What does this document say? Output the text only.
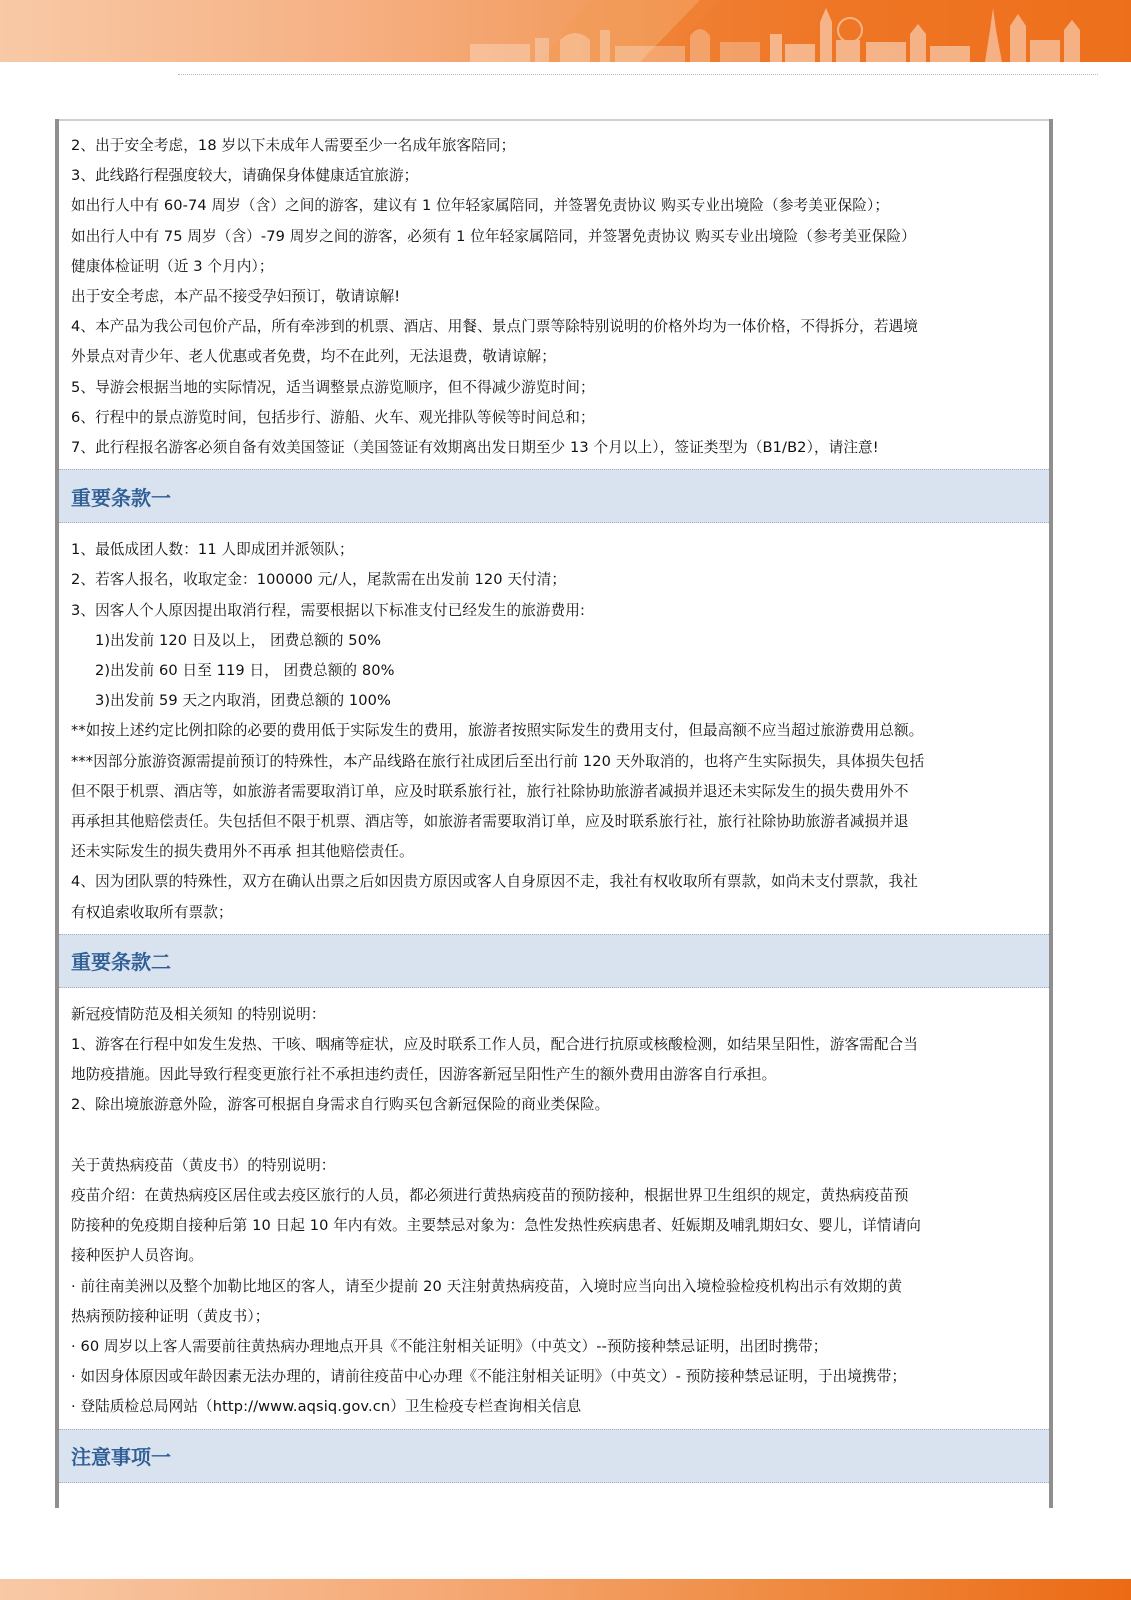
2、出于安全考虑，18 岁以下未成年人需要至少一名成年旅客陪同；
3、此线路行程强度较大，请确保身体健康适宜旅游；
如出行人中有 60-74 周岁（含）之间的游客，建议有 1 位年轻家属陪同，并签署免责协议 购买专业出境险（参考美亚保险）；
如出行人中有 75 周岁（含）-79 周岁之间的游客，必须有 1 位年轻家属陪同，并签署免责协议 购买专业出境险（参考美亚保险）
健康体检证明（近 3 个月内）；
出于安全考虑，本产品不接受孕妇预订，敬请谅解!
4、本产品为我公司包价产品，所有牵涉到的机票、酒店、用餐、景点门票等除特别说明的价格外均为一体价格，不得拆分，若遇境
外景点对青少年、老人优惠或者免费，均不在此列，无法退费，敬请谅解；
5、导游会根据当地的实际情况，适当调整景点游览顺序，但不得减少游览时间；
6、行程中的景点游览时间，包括步行、游船、火车、观光排队等候等时间总和；
7、此行程报名游客必须自备有效美国签证（美国签证有效期离出发日期至少 13 个月以上），签证类型为（B1/B2），请注意!
重要条款一
1、最低成团人数：11 人即成团并派领队；
2、若客人报名，收取定金：100000 元/人，尾款需在出发前 120 天付清；
3、因客人个人原因提出取消行程，需要根据以下标准支付已经发生的旅游费用:
1)出发前 120 日及以上， 团费总额的 50%
2)出发前 60 日至 119 日， 团费总额的 80%
3)出发前 59 天之内取消，团费总额的 100%
**如按上述约定比例扣除的必要的费用低于实际发生的费用，旅游者按照实际发生的费用支付，但最高额不应当超过旅游费用总额。
***因部分旅游资源需提前预订的特殊性，本产品线路在旅行社成团后至出行前 120 天外取消的，也将产生实际损失，具体损失包括
但不限于机票、酒店等，如旅游者需要取消订单，应及时联系旅行社，旅行社除协助旅游者减损并退还未实际发生的损失费用外不
再承担其他赔偿责任。失包括但不限于机票、酒店等，如旅游者需要取消订单，应及时联系旅行社，旅行社除协助旅游者减损并退
还未实际发生的损失费用外不再承 担其他赔偿责任。
4、因为团队票的特殊性，双方在确认出票之后如因贵方原因或客人自身原因不走，我社有权收取所有票款，如尚未支付票款，我社
有权追索收取所有票款；
重要条款二
新冠疫情防范及相关须知 的特别说明：
1、游客在行程中如发生发热、干咳、咽痛等症状，应及时联系工作人员，配合进行抗原或核酸检测，如结果呈阳性，游客需配合当
地防疫措施。因此导致行程变更旅行社不承担违约责任，因游客新冠呈阳性产生的额外费用由游客自行承担。
2、除出境旅游意外险，游客可根据自身需求自行购买包含新冠保险的商业类保险。
关于黄热病疫苗（黄皮书）的特别说明：
疫苗介绍：在黄热病疫区居住或去疫区旅行的人员，都必须进行黄热病疫苗的预防接种，根据世界卫生组织的规定，黄热病疫苗预
防接种的免疫期自接种后第 10 日起 10 年内有效。主要禁忌对象为：急性发热性疾病患者、妊娠期及哺乳期妇女、婴儿，详情请向
接种医护人员咨询。
· 前往南美洲以及整个加勒比地区的客人，请至少提前 20 天注射黄热病疫苗，入境时应当向出入境检验检疫机构出示有效期的黄
热病预防接种证明（黄皮书）；
· 60 周岁以上客人需要前往黄热病办理地点开具《不能注射相关证明》（中英文）--预防接种禁忌证明，出团时携带；
· 如因身体原因或年龄因素无法办理的，请前往疫苗中心办理《不能注射相关证明》（中英文）- 预防接种禁忌证明，于出境携带；
· 登陆质检总局网站（http://www.aqsiq.gov.cn）卫生检疫专栏查询相关信息
注意事项一
